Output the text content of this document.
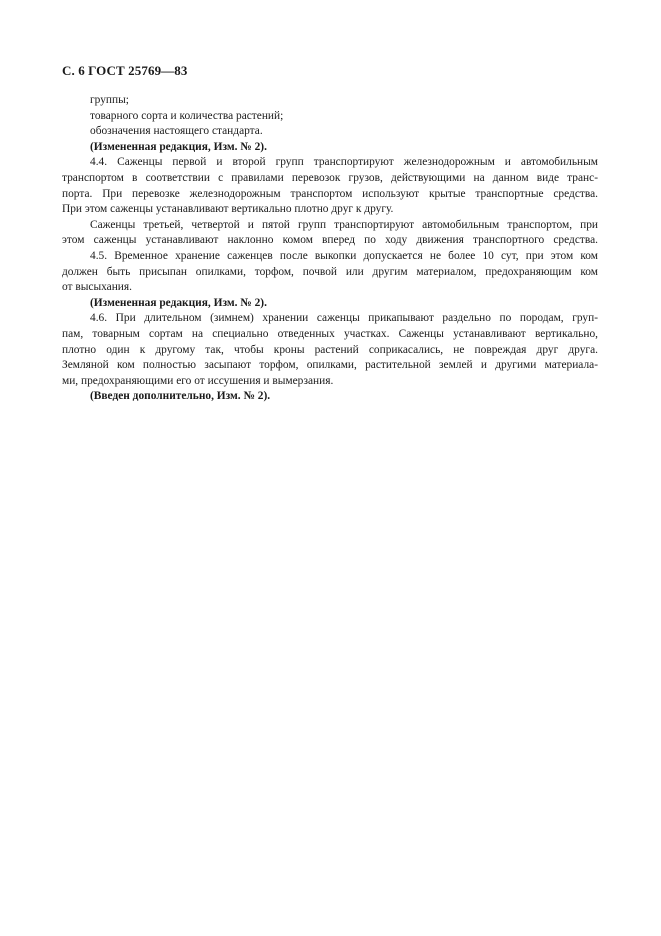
С. 6 ГОСТ 25769—83
группы;
товарного сорта и количества растений;
обозначения настоящего стандарта.
(Измененная редакция, Изм. № 2).
4.4. Саженцы первой и второй групп транспортируют железнодорожным и автомобильным
транспортом в соответствии с правилами перевозок грузов, действующими на данном виде транс-
порта. При перевозке железнодорожным транспортом используют крытые транспортные средства.
При этом саженцы устанавливают вертикально плотно друг к другу.
Саженцы третьей, четвертой и пятой групп транспортируют автомобильным транспортом, при
этом саженцы устанавливают наклонно комом вперед по ходу движения транспортного средства.
4.5. Временное хранение саженцев после выкопки допускается не более 10 сут, при этом ком
должен быть присыпан опилками, торфом, почвой или другим материалом, предохраняющим ком
от высыхания.
(Измененная редакция, Изм. № 2).
4.6. При длительном (зимнем) хранении саженцы прикапывают раздельно по породам, груп-
пам, товарным сортам на специально отведенных участках. Саженцы устанавливают вертикально,
плотно один к другому так, чтобы кроны растений соприкасались, не повреждая друг друга.
Земляной ком полностью засыпают торфом, опилками, растительной землей и другими материала-
ми, предохраняющими его от иссушения и вымерзания.
(Введен дополнительно, Изм. № 2).
